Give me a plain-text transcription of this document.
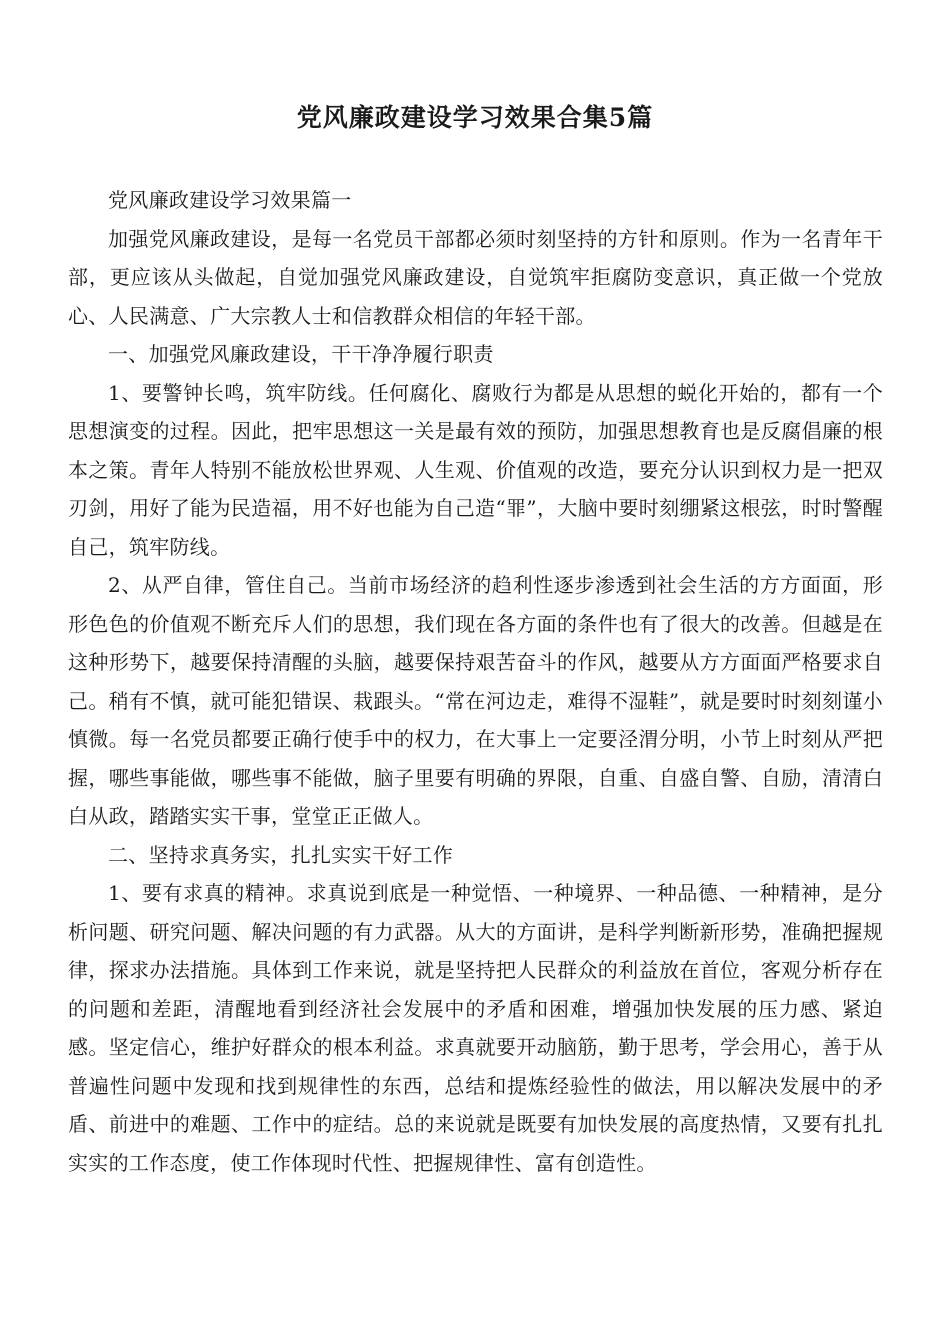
党风廉政建设学习效果合集5篇

党风廉政建设学习效果篇一

加强党风廉政建设，是每一名党员干部都必须时刻坚持的方针和原则。作为一名青年干部，更应该从头做起，自觉加强党风廉政建设，自觉筑牢拒腐防变意识，真正做一个党放心、人民满意、广大宗教人士和信教群众相信的年轻干部。

一、加强党风廉政建设，干干净净履行职责

1、要警钟长鸣，筑牢防线。任何腐化、腐败行为都是从思想的蜕化开始的，都有一个思想演变的过程。因此，把牢思想这一关是最有效的预防，加强思想教育也是反腐倡廉的根本之策。青年人特别不能放松世界观、人生观、价值观的改造，要充分认识到权力是一把双刃剑，用好了能为民造福，用不好也能为自己造“罪”，大脑中要时刻绷紧这根弦，时时警醒自己，筑牢防线。

2、从严自律，管住自己。当前市场经济的趋利性逐步渗透到社会生活的方方面面，形形色色的价值观不断充斥人们的思想，我们现在各方面的条件也有了很大的改善。但越是在这种形势下，越要保持清醒的头脑，越要保持艰苦奋斗的作风，越要从方方面面严格要求自己。稍有不慎，就可能犯错误、栽跟头。“常在河边走，难得不湿鞋”，就是要时时刻刻谨小慎微。每一名党员都要正确行使手中的权力，在大事上一定要泾渭分明，小节上时刻从严把握，哪些事能做，哪些事不能做，脑子里要有明确的界限，自重、自盛自警、自励，清清白白从政，踏踏实实干事，堂堂正正做人。

二、坚持求真务实，扎扎实实干好工作

1、要有求真的精神。求真说到底是一种觉悟、一种境界、一种品德、一种精神，是分析问题、研究问题、解决问题的有力武器。从大的方面讲，是科学判断新形势，准确把握规律，探求办法措施。具体到工作来说，就是坚持把人民群众的利益放在首位，客观分析存在的问题和差距，清醒地看到经济社会发展中的矛盾和困难，增强加快发展的压力感、紧迫感。坚定信心，维护好群众的根本利益。求真就要开动脑筋，勤于思考，学会用心，善于从普遍性问题中发现和找到规律性的东西，总结和提炼经验性的做法，用以解决发展中的矛盾、前进中的难题、工作中的症结。总的来说就是既要有加快发展的高度热情，又要有扎扎实实的工作态度，使工作体现时代性、把握规律性、富有创造性。
